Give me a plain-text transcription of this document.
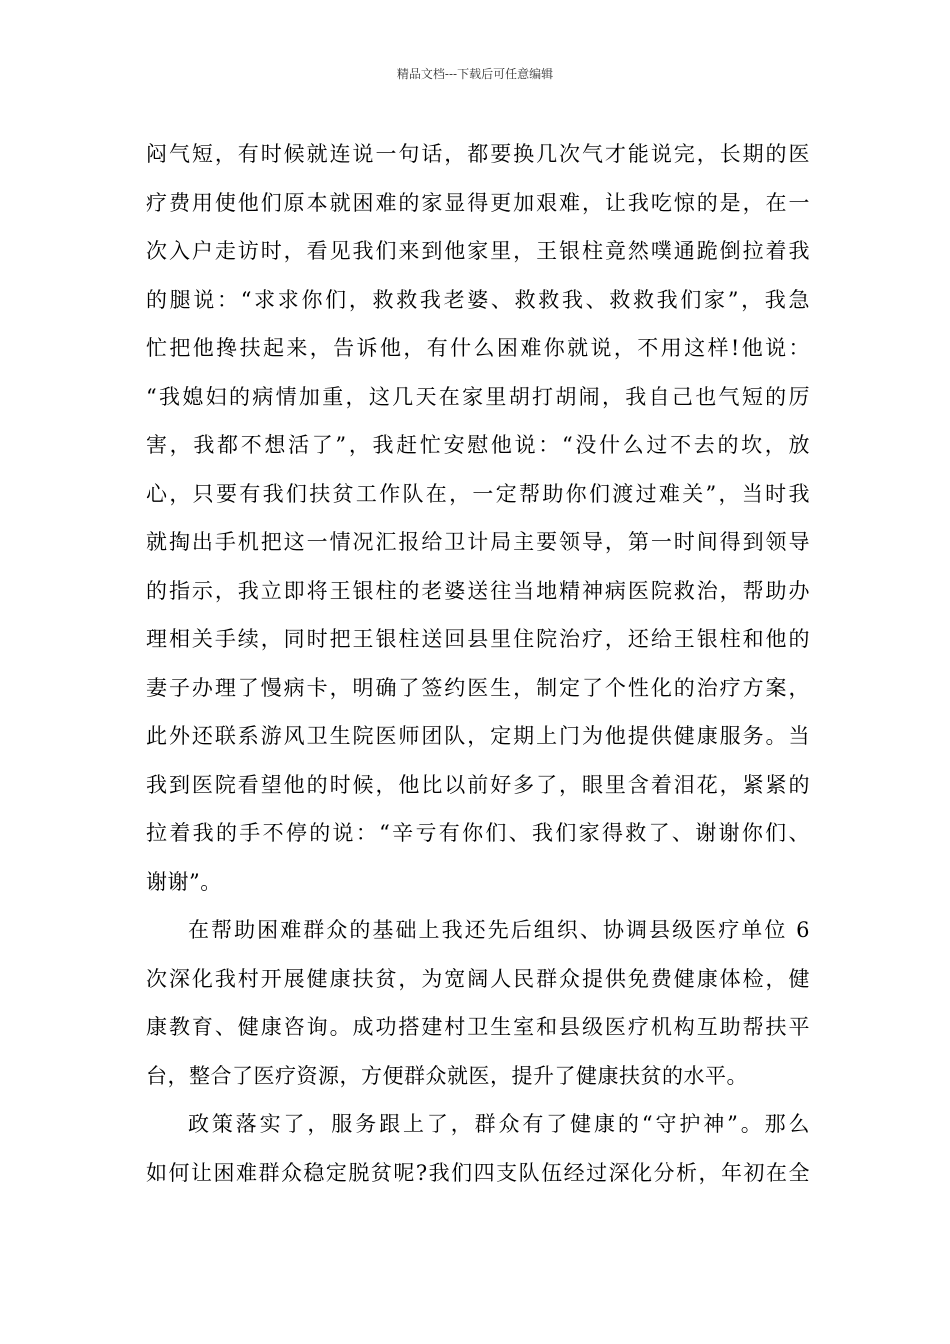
精品文档---下载后可任意编辑
闷气短，有时候就连说一句话，都要换几次气才能说完，长期的医
疗费用使他们原本就困难的家显得更加艰难，让我吃惊的是，在一
次入户走访时，看见我们来到他家里，王银柱竟然噗通跪倒拉着我
的腿说：“求求你们，救救我老婆、救救我、救救我们家”，我急
忙把他搀扶起来，告诉他，有什么困难你就说，不用这样!他说：
“我媳妇的病情加重，这几天在家里胡打胡闹，我自己也气短的厉
害，我都不想活了”，我赶忙安慰他说：“没什么过不去的坎，放
心，只要有我们扶贫工作队在，一定帮助你们渡过难关”，当时我
就掏出手机把这一情况汇报给卫计局主要领导，第一时间得到领导
的指示，我立即将王银柱的老婆送往当地精神病医院救治，帮助办
理相关手续，同时把王银柱送回县里住院治疗，还给王银柱和他的
妻子办理了慢病卡，明确了签约医生，制定了个性化的治疗方案，
此外还联系游风卫生院医师团队，定期上门为他提供健康服务。当
我到医院看望他的时候，他比以前好多了，眼里含着泪花，紧紧的
拉着我的手不停的说：“辛亏有你们、我们家得救了、谢谢你们、
谢谢”。
在帮助困难群众的基础上我还先后组织、协调县级医疗单位 6
次深化我村开展健康扶贫，为宽阔人民群众提供免费健康体检，健
康教育、健康咨询。成功搭建村卫生室和县级医疗机构互助帮扶平
台，整合了医疗资源，方便群众就医，提升了健康扶贫的水平。
政策落实了，服务跟上了，群众有了健康的“守护神”。那么
如何让困难群众稳定脱贫呢?我们四支队伍经过深化分析，年初在全
